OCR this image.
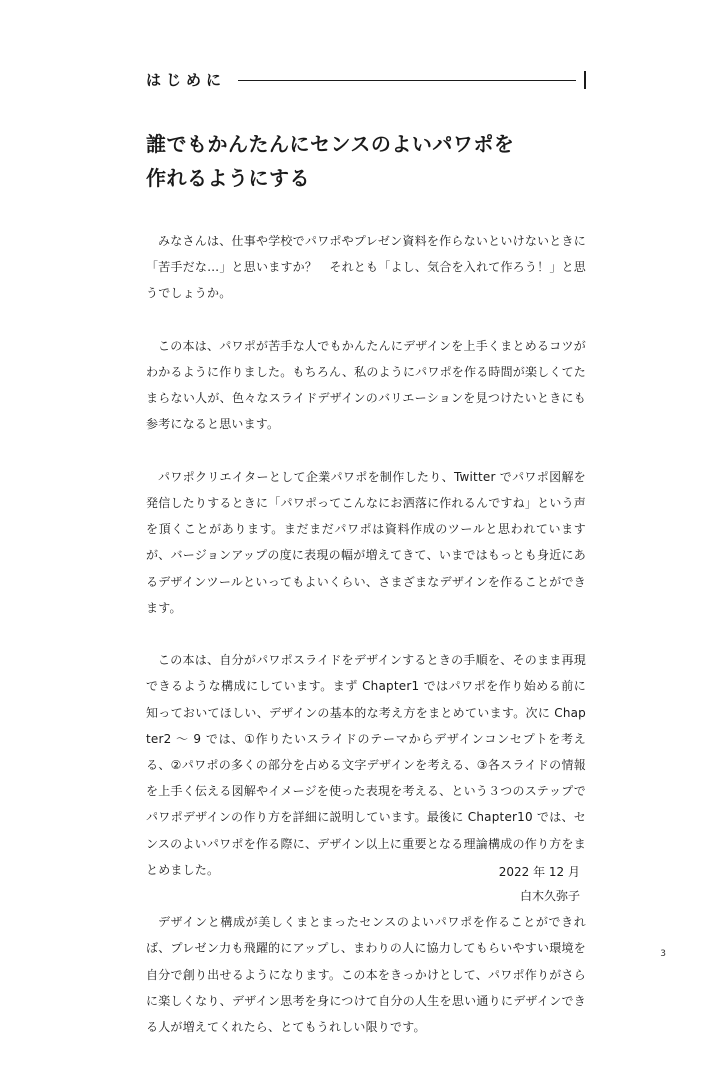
はじめに
誰でもかんたんにセンスのよいパワポを
作れるようにする

みなさんは、仕事や学校でパワポやプレゼン資料を作らないといけないときに「苦手だな…」と思いますか？　それとも「よし、気合を入れて作ろう！」と思うでしょうか。

この本は、パワポが苦手な人でもかんたんにデザインを上手くまとめるコツがわかるように作りました。もちろん、私のようにパワポを作る時間が楽しくてたまらない人が、色々なスライドデザインのバリエーションを見つけたいときにも参考になると思います。

パワポクリエイターとして企業パワポを制作したり、Twitter でパワポ図解を発信したりするときに「パワポってこんなにお洒落に作れるんですね」という声を頂くことがあります。まだまだパワポは資料作成のツールと思われていますが、バージョンアップの度に表現の幅が増えてきて、いまではもっとも身近にあるデザインツールといってもよいくらい、さまざまなデザインを作ることができます。

この本は、自分がパワポスライドをデザインするときの手順を、そのまま再現できるような構成にしています。まず Chapter1 ではパワポを作り始める前に知っておいてほしい、デザインの基本的な考え方をまとめています。次に Chapter2 ～ 9 では、①作りたいスライドのテーマからデザインコンセプトを考える、②パワポの多くの部分を占める文字デザインを考える、③各スライドの情報を上手く伝える図解やイメージを使った表現を考える、という３つのステップでパワポデザインの作り方を詳細に説明しています。最後に Chapter10 では、センスのよいパワポを作る際に、デザイン以上に重要となる理論構成の作り方をまとめました。

デザインと構成が美しくまとまったセンスのよいパワポを作ることができれば、プレゼン力も飛躍的にアップし、まわりの人に協力してもらいやすい環境を自分で創り出せるようになります。この本をきっかけとして、パワポ作りがさらに楽しくなり、デザイン思考を身につけて自分の人生を思い通りにデザインできる人が増えてくれたら、とてもうれしい限りです。

2022 年 12 月
白木久弥子
3
